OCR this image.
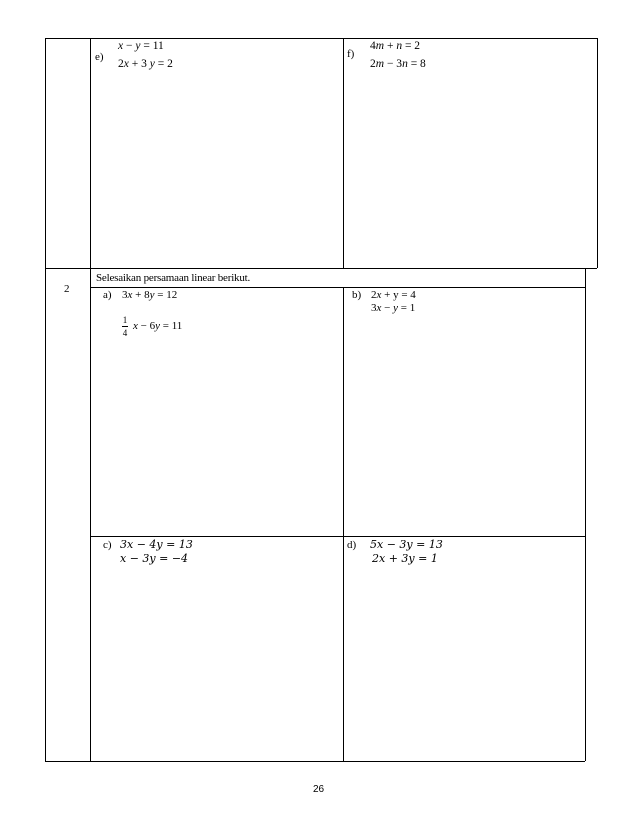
e)
x − y = 11
2x + 3 y = 2
f)
4m + n = 2
2m − 3n = 8
2
Selesaikan persamaan linear berikut.
a) 3x + 8y = 12
1
4
x − 6y = 11
b) 2x + y = 4
3x − y = 1
c) 3𝑥 − 4𝑦 = 13
𝑥 − 3𝑦 = −4
d) 5𝑥 − 3𝑦 = 13
2𝑥 + 3𝑦 = 1
26
